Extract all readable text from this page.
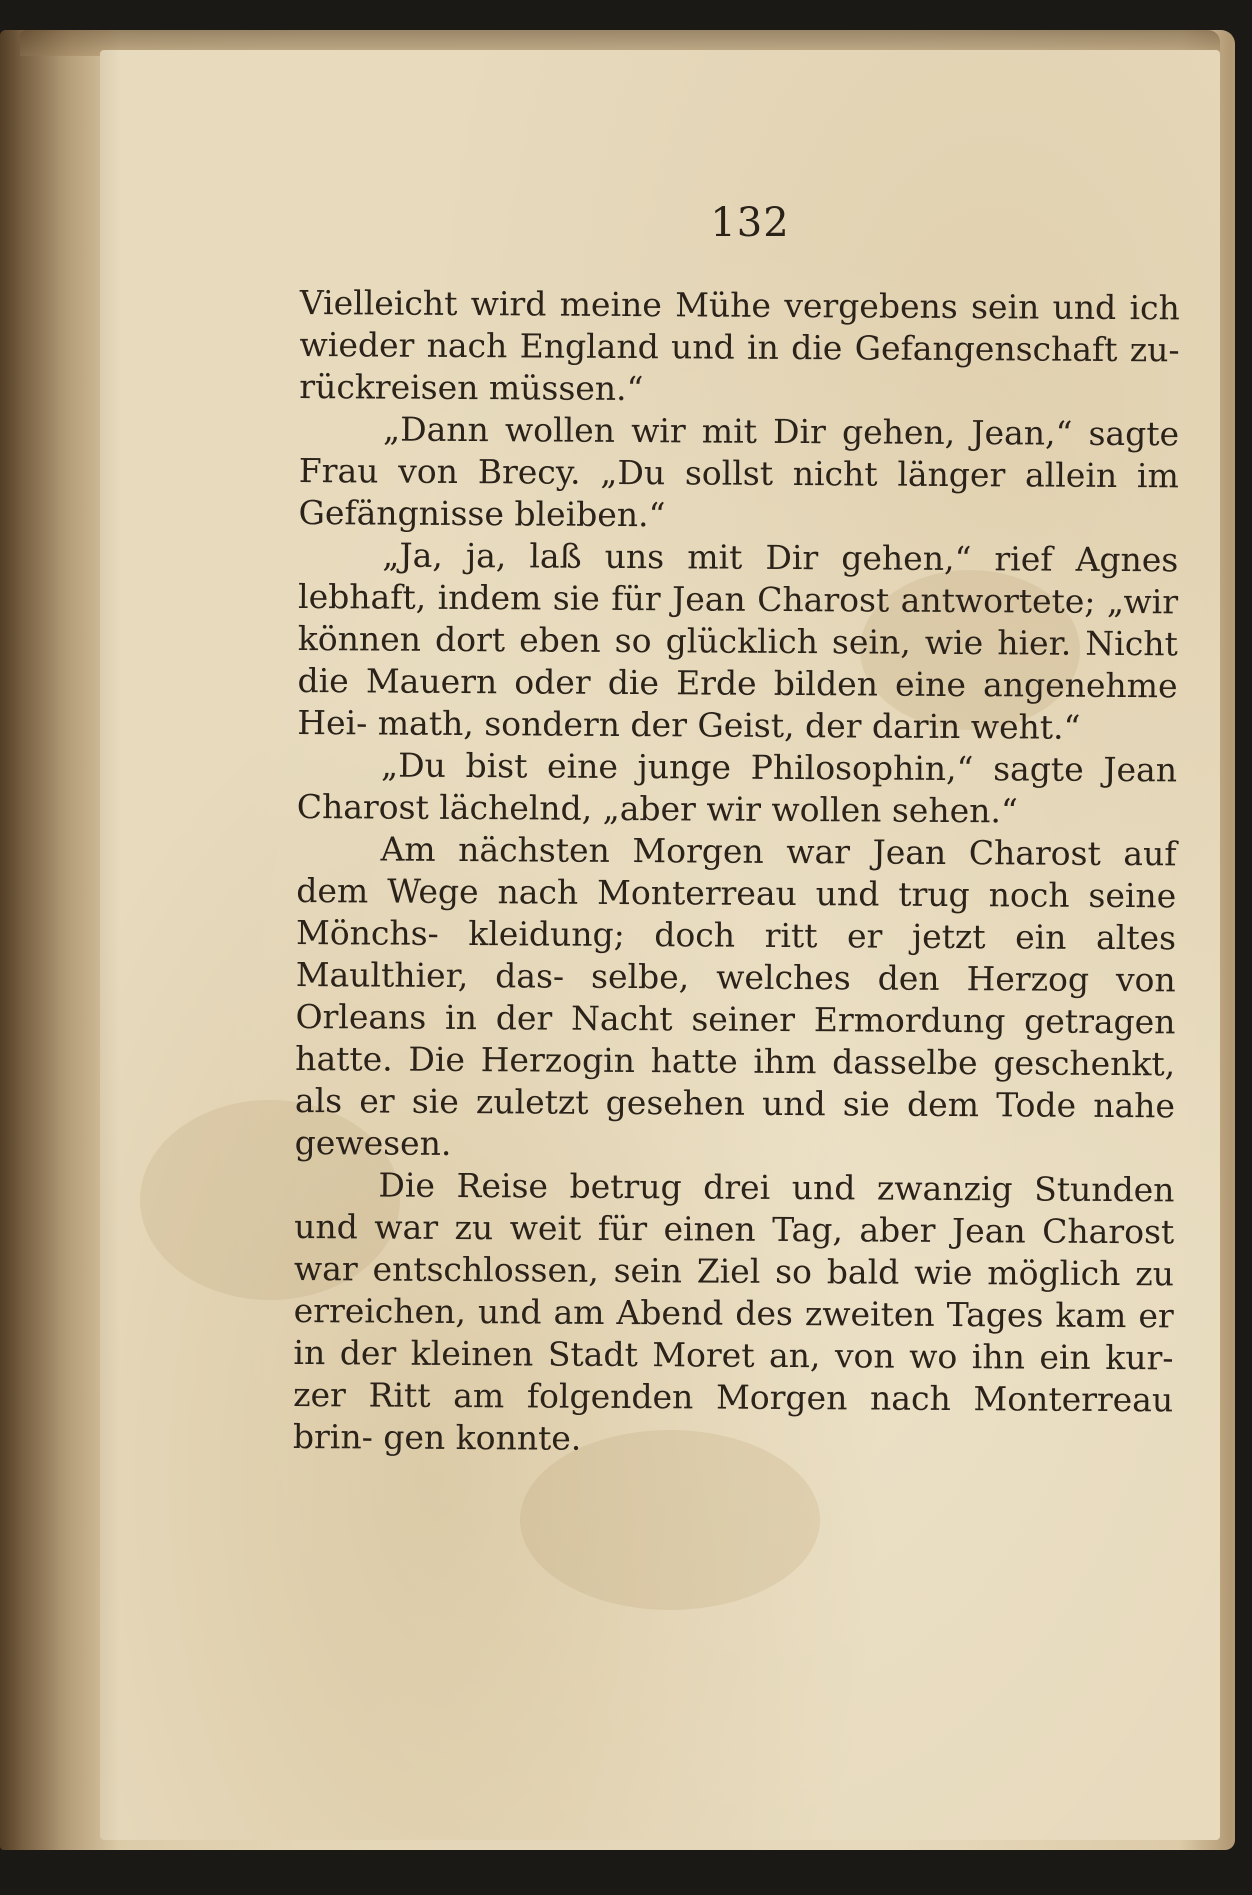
132

Vielleicht wird meine Mühe vergebens sein und ich wieder nach England und in die Gefangenschaft zu- rückreisen müssen.“

„Dann wollen wir mit Dir gehen, Jean,“ sagte Frau von Brecy. „Du sollst nicht länger allein im Gefängnisse bleiben.“

„Ja, ja, laß uns mit Dir gehen,“ rief Agnes lebhaft, indem sie für Jean Charost antwortete; „wir können dort eben so glücklich sein, wie hier. Nicht die Mauern oder die Erde bilden eine angenehme Hei- math, sondern der Geist, der darin weht.“

„Du bist eine junge Philosophin,“ sagte Jean Charost lächelnd, „aber wir wollen sehen.“

Am nächsten Morgen war Jean Charost auf dem Wege nach Monterreau und trug noch seine Mönchs- kleidung; doch ritt er jetzt ein altes Maulthier, das- selbe, welches den Herzog von Orleans in der Nacht seiner Ermordung getragen hatte. Die Herzogin hatte ihm dasselbe geschenkt, als er sie zuletzt gesehen und sie dem Tode nahe gewesen.

Die Reise betrug drei und zwanzig Stunden und war zu weit für einen Tag, aber Jean Charost war entschlossen, sein Ziel so bald wie möglich zu erreichen, und am Abend des zweiten Tages kam er in der kleinen Stadt Moret an, von wo ihn ein kur- zer Ritt am folgenden Morgen nach Monterreau brin- gen konnte.
